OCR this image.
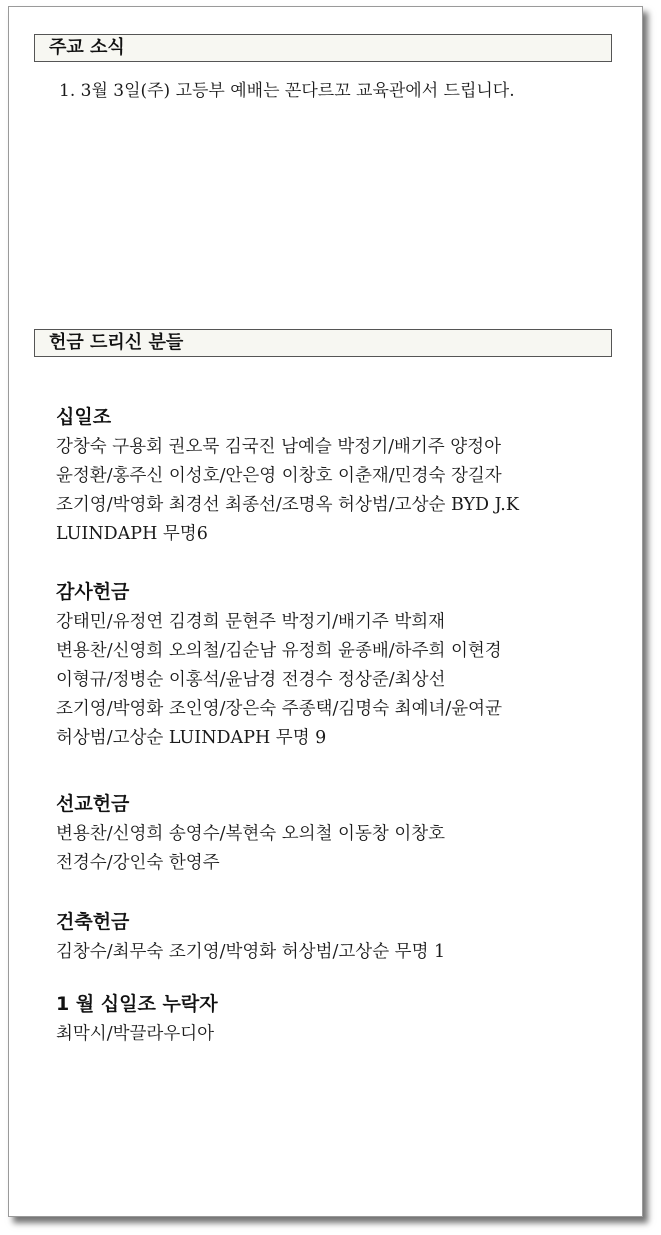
주교 소식
1. 3월 3일(주) 고등부 예배는 꼰다르꼬 교육관에서 드립니다.
헌금 드리신 분들
십일조
강창숙 구용회 권오묵 김국진 남예슬 박정기/배기주 양정아
윤정환/홍주신 이성호/안은영 이창호 이춘재/민경숙 장길자
조기영/박영화 최경선 최종선/조명옥 허상범/고상순 BYD J.K
LUINDAPH 무명6
감사헌금
강태민/유정연 김경희 문현주 박정기/배기주 박희재
변용찬/신영희 오의철/김순남 유정희 윤종배/하주희 이현경
이형규/정병순 이홍석/윤남경 전경수 정상준/최상선
조기영/박영화 조인영/장은숙 주종택/김명숙 최예녀/윤여균
허상범/고상순 LUINDAPH 무명 9
선교헌금
변용찬/신영희 송영수/복현숙 오의철 이동창 이창호
전경수/강인숙 한영주
건축헌금
김창수/최무숙 조기영/박영화 허상범/고상순 무명 1
1 월 십일조 누락자
최막시/박끌라우디아
